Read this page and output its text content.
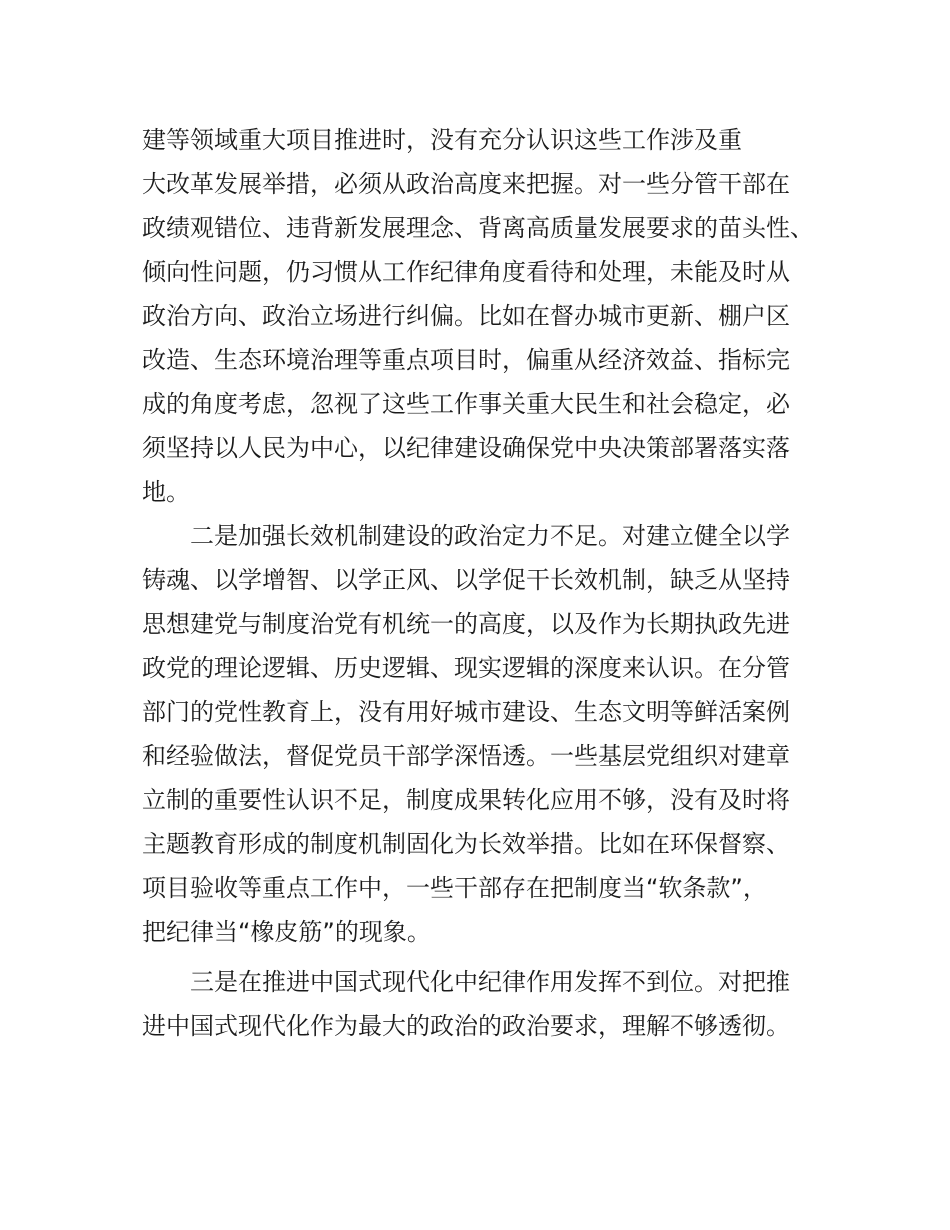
建等领域重大项目推进时，没有充分认识这些工作涉及重
大改革发展举措，必须从政治高度来把握。对一些分管干部在
政绩观错位、违背新发展理念、背离高质量发展要求的苗头性、
倾向性问题，仍习惯从工作纪律角度看待和处理，未能及时从
政治方向、政治立场进行纠偏。比如在督办城市更新、棚户区
改造、生态环境治理等重点项目时，偏重从经济效益、指标完
成的角度考虑，忽视了这些工作事关重大民生和社会稳定，必
须坚持以人民为中心，以纪律建设确保党中央决策部署落实落
地。
二是加强长效机制建设的政治定力不足。对建立健全以学
铸魂、以学增智、以学正风、以学促干长效机制，缺乏从坚持
思想建党与制度治党有机统一的高度，以及作为长期执政先进
政党的理论逻辑、历史逻辑、现实逻辑的深度来认识。在分管
部门的党性教育上，没有用好城市建设、生态文明等鲜活案例
和经验做法，督促党员干部学深悟透。一些基层党组织对建章
立制的重要性认识不足，制度成果转化应用不够，没有及时将
主题教育形成的制度机制固化为长效举措。比如在环保督察、
项目验收等重点工作中，一些干部存在把制度当“软条款”，
把纪律当“橡皮筋”的现象。
三是在推进中国式现代化中纪律作用发挥不到位。对把推
进中国式现代化作为最大的政治的政治要求，理解不够透彻。
